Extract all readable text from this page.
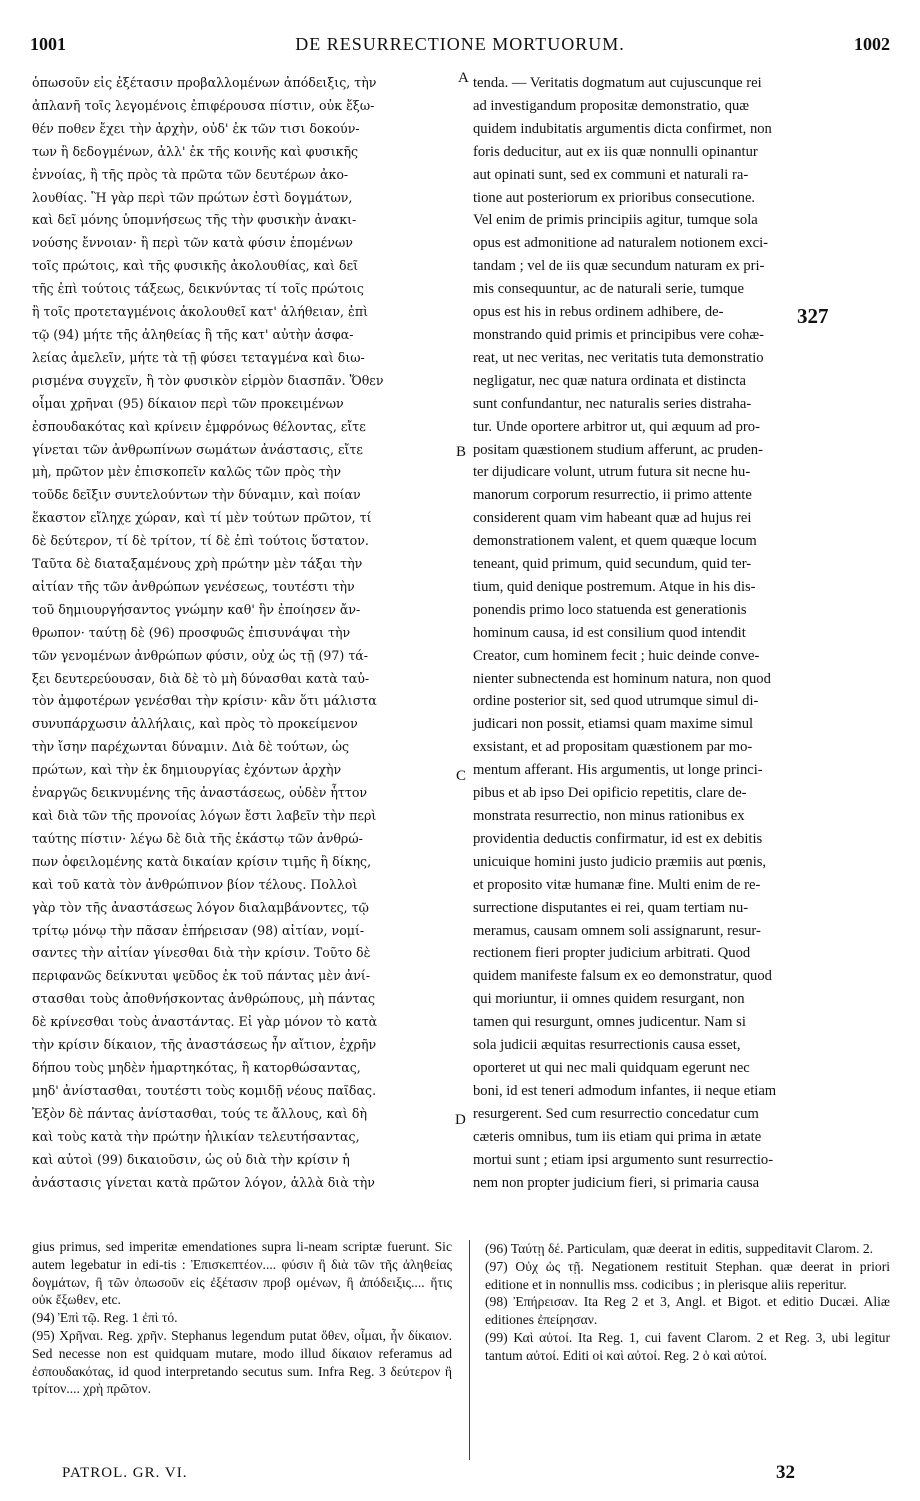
1001	DE RESURRECTIONE MORTUORUM.	1002

ὁπωσοῦν εἰς ἐξέτασιν προβαλλομένων ἀπόδειξις, τὴν
ἀπλανῆ τοῖς λεγομένοις ἐπιφέρουσα πίστιν, οὐκ ἔξω-
θέν ποθεν ἔχει τὴν ἀρχὴν, οὐδ' ἐκ τῶν τισι δοκούν-
των ἢ δεδογμένων, ἀλλ' ἐκ τῆς κοινῆς καὶ φυσικῆς
ἐννοίας, ἢ τῆς πρὸς τὰ πρῶτα τῶν δευτέρων ἀκο-
λουθίας. Ἢ γὰρ περὶ τῶν πρώτων ἐστὶ δογμάτων,
καὶ δεῖ μόνης ὑπομνήσεως τῆς τὴν φυσικὴν ἀνακι-
νούσης ἔννοιαν· ἢ περὶ τῶν κατὰ φύσιν ἑπομένων
τοῖς πρώτοις, καὶ τῆς φυσικῆς ἀκολουθίας, καὶ δεῖ
τῆς ἐπὶ τούτοις τάξεως, δεικνύντας τί τοῖς πρώτοις
ἢ τοῖς προτεταγμένοις ἀκολουθεῖ κατ' ἀλήθειαν, ἐπὶ
τῷ (94) μήτε τῆς ἀληθείας ἢ τῆς κατ' αὐτὴν ἀσφα-
λείας ἀμελεῖν, μήτε τὰ τῇ φύσει τεταγμένα καὶ διω-
ρισμένα συγχεῖν, ἢ τὸν φυσικὸν εἱρμὸν διασπᾶν. Ὅθεν
οἶμαι χρῆναι (95) δίκαιον περὶ τῶν προκειμένων
ἐσπουδακότας καὶ κρίνειν ἐμφρόνως θέλοντας, εἴτε
γίνεται τῶν ἀνθρωπίνων σωμάτων ἀνάστασις, εἴτε
μὴ, πρῶτον μὲν ἐπισκοπεῖν καλῶς τῶν πρὸς τὴν
τοῦδε δεῖξιν συντελούντων τὴν δύναμιν, καὶ ποίαν
ἕκαστον εἴληχε χώραν, καὶ τί μὲν τούτων πρῶτον, τί
δὲ δεύτερον, τί δὲ τρίτον, τί δὲ ἐπὶ τούτοις ὕστατον.
Ταῦτα δὲ διαταξαμένους χρὴ πρώτην μὲν τάξαι τὴν
αἰτίαν τῆς τῶν ἀνθρώπων γενέσεως, τουτέστι τὴν
τοῦ δημιουργήσαντος γνώμην καθ' ἣν ἐποίησεν ἄν-
θρωπον· ταύτῃ δὲ (96) προσφυῶς ἐπισυνάψαι τὴν
τῶν γενομένων ἀνθρώπων φύσιν, οὐχ ὡς τῇ (97) τά-
ξει δευτερεύουσαν, διὰ δὲ τὸ μὴ δύνασθαι κατὰ ταὐ-
τὸν ἀμφοτέρων γενέσθαι τὴν κρίσιν· κἂν ὅτι μάλιστα
συνυπάρχωσιν ἀλλήλαις, καὶ πρὸς τὸ προκείμενον
τὴν ἴσην παρέχωνται δύναμιν. Διὰ δὲ τούτων, ὡς
πρώτων, καὶ τὴν ἐκ δημιουργίας ἐχόντων ἀρχὴν
ἐναργῶς δεικνυμένης τῆς ἀναστάσεως, οὐδὲν ἧττον
καὶ διὰ τῶν τῆς προνοίας λόγων ἔστι λαβεῖν τὴν περὶ
ταύτης πίστιν· λέγω δὲ διὰ τῆς ἑκάστῳ τῶν ἀνθρώ-
πων ὀφειλομένης κατὰ δικαίαν κρίσιν τιμῆς ἢ δίκης,
καὶ τοῦ κατὰ τὸν ἀνθρώπινον βίον τέλους. Πολλοὶ
γὰρ τὸν τῆς ἀναστάσεως λόγον διαλαμβάνοντες, τῷ
τρίτῳ μόνῳ τὴν πᾶσαν ἐπήρεισαν (98) αἰτίαν, νομί-
σαντες τὴν αἰτίαν γίνεσθαι διὰ τὴν κρίσιν. Τοῦτο δὲ
περιφανῶς δείκνυται ψεῦδος ἐκ τοῦ πάντας μὲν ἀνί-
στασθαι τοὺς ἀποθνήσκοντας ἀνθρώπους, μὴ πάντας
δὲ κρίνεσθαι τοὺς ἀναστάντας. Εἰ γὰρ μόνον τὸ κατὰ
τὴν κρίσιν δίκαιον, τῆς ἀναστάσεως ἦν αἴτιον, ἐχρῆν
δήπου τοὺς μηδὲν ἡμαρτηκότας, ἢ κατορθώσαντας,
μηδ' ἀνίστασθαι, τουτέστι τοὺς κομιδῇ νέους παῖδας.
Ἐξὸν δὲ πάντας ἀνίστασθαι, τούς τε ἄλλους, καὶ δὴ
καὶ τοὺς κατὰ τὴν πρώτην ἡλικίαν τελευτήσαντας,
καὶ αὐτοὶ (99) δικαιοῦσιν, ὡς οὐ διὰ τὴν κρίσιν ἡ
ἀνάστασις γίνεται κατὰ πρῶτον λόγον, ἀλλὰ διὰ τὴν

A
B
C
D

tenda. — Veritatis dogmatum aut cujuscunque rei
ad investigandum propositæ demonstratio, quæ
quidem indubitatis argumentis dicta confirmet, non
foris deducitur, aut ex iis quæ nonnulli opinantur
aut opinati sunt, sed ex communi et naturali ra-
tione aut posteriorum ex prioribus consecutione.
Vel enim de primis principiis agitur, tumque sola
opus est admonitione ad naturalem notionem exci-
tandam ; vel de iis quæ secundum naturam ex pri-
mis consequuntur, ac de naturali serie, tumque
opus est his in rebus ordinem adhibere, de-
monstrando quid primis et principibus vere cohæ-
reat, ut nec veritas, nec veritatis tuta demonstratio
negligatur, nec quæ natura ordinata et distincta
sunt confundantur, nec naturalis series distraha-
tur. Unde oportere arbitror ut, qui æquum ad pro-
positam quæstionem studium afferunt, ac pruden-
ter dijudicare volunt, utrum futura sit necne hu-
manorum corporum resurrectio, ii primo attente
considerent quam vim habeant quæ ad hujus rei
demonstrationem valent, et quem quæque locum
teneant, quid primum, quid secundum, quid ter-
tium, quid denique postremum. Atque in his dis-
ponendis primo loco statuenda est generationis
hominum causa, id est consilium quod intendit
Creator, cum hominem fecit ; huic deinde conve-
nienter subnectenda est hominum natura, non quod
ordine posterior sit, sed quod utrumque simul di-
judicari non possit, etiamsi quam maxime simul
exsistant, et ad propositam quæstionem par mo-
mentum afferant. His argumentis, ut longe princi-
pibus et ab ipso Dei opificio repetitis, clare de-
monstrata resurrectio, non minus rationibus ex
providentia deductis confirmatur, id est ex debitis
unicuique homini justo judicio præmiis aut pœnis,
et proposito vitæ humanæ fine. Multi enim de re-
surrectione disputantes ei rei, quam tertiam nu-
meramus, causam omnem soli assignarunt, resur-
rectionem fieri propter judicium arbitrati. Quod
quidem manifeste falsum ex eo demonstratur, quod
qui moriuntur, ii omnes quidem resurgant, non
tamen qui resurgunt, omnes judicentur. Nam si
sola judicii æquitas resurrectionis causa esset,
oporteret ut qui nec mali quidquam egerunt nec
boni, id est teneri admodum infantes, ii neque etiam
resurgerent. Sed cum resurrectio concedatur cum
cæteris omnibus, tum iis etiam qui prima in ætate
mortui sunt ; etiam ipsi argumento sunt resurrectio-
nem non propter judicium fieri, si primaria causa

327

gius primus, sed imperitæ emendationes supra li-neam scriptæ fuerunt. Sic autem legebatur in edi-tis : Ἐπισκεπτέον.... φύσιν ἢ διὰ τῶν τῆς ἀληθείας δογμάτων, ἢ τῶν ὁπωσοῦν εἰς ἐξέτασιν προβ ομένων, ἢ ἀπόδειξις.... ἥτις οὐκ ἔξωθεν, etc.

(94) Ἐπὶ τῷ. Reg. 1 ἐπὶ τό.

(95) Χρῆναι. Reg. χρῆν. Stephanus legendum putat ὅθεν, οἶμαι, ἦν δίκαιον. Sed necesse non est quidquam mutare, modo illud δίκαιον referamus ad ἐσπουδακότας, id quod interpretando secutus sum. Infra Reg. 3 δεύτερον ἢ τρίτον.... χρὴ πρῶτον.

(96) Ταύτῃ δέ. Particulam, quæ deerat in editis, suppeditavit Clarom. 2.

(97) Οὐχ ὡς τῇ. Negationem restituit Stephan. quæ deerat in priori editione et in nonnullis mss. codicibus ; in plerisque aliis reperitur.

(98) Ἐπήρεισαν. Ita Reg 2 et 3, Angl. et Bigot. et editio Ducæi. Aliæ editiones ἐπείρησαν.

(99) Καὶ αὐτοί. Ita Reg. 1, cui favent Clarom. 2 et Reg. 3, ubi legitur tantum αὐτοί. Editi οἱ καὶ αὐτοί. Reg. 2 ὁ καὶ αὐτοί.

PATROL. GR. VI.	32
